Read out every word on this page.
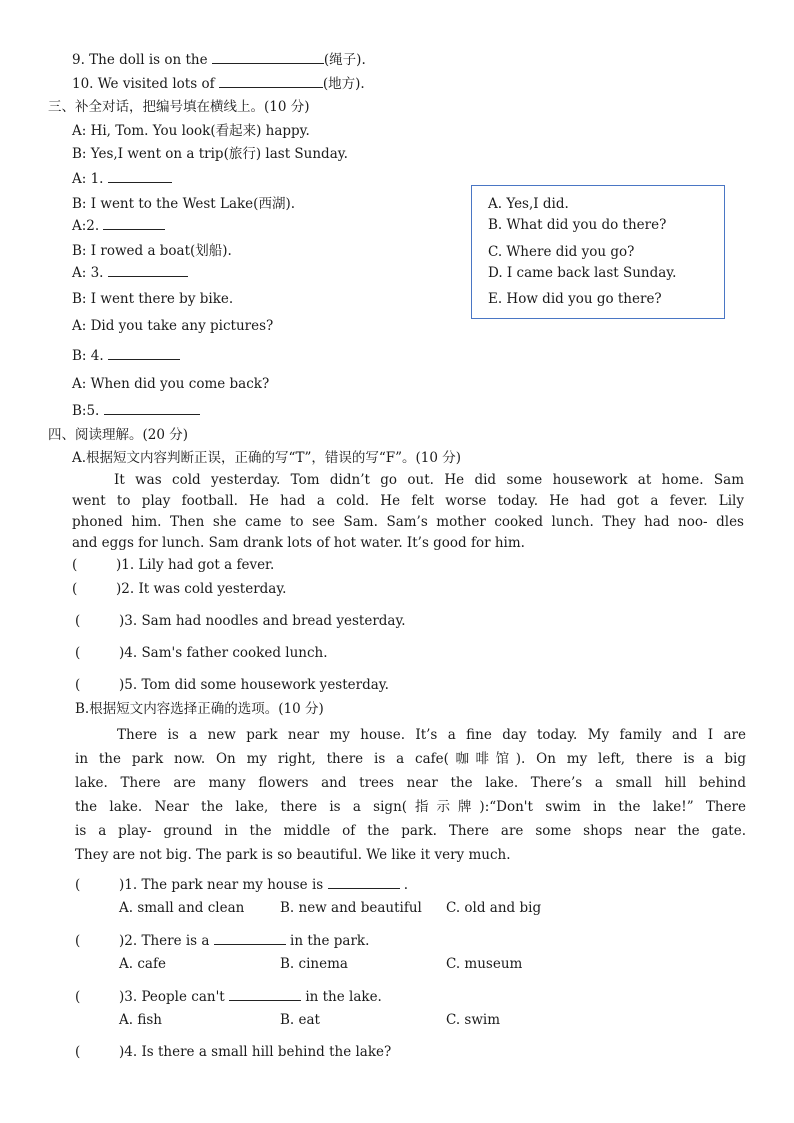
9. The doll is on the	(绳子).
10. We visited lots of	(地方).
三、补全对话，把编号填在横线上。(10 分)
A: Hi, Tom. You look(看起来) happy.
B: Yes,I went on a trip(旅行) last Sunday.
A: 1.
B: I went to the West Lake(西湖).
A:2.
B: I rowed a boat(划船).
A: 3.
B: I went there by bike.
A: Did you take any pictures?
B: 4.
A: When did you come back?
B:5.
A. Yes,I did.
B. What did you do there?
C. Where did you go?
D. I came back last Sunday.
E. How did you go there?
四、阅读理解。(20 分)
A.根据短文内容判断正误，正确的写“T”，错误的写“F”。(10 分)
It was cold yesterday. Tom didn’t go out. He did some housework at home. Sam
went to play football. He had a cold. He felt worse today. He had got a fever. Lily
phoned him. Then she came to see Sam. Sam’s mother cooked lunch. They had noo- dles
and eggs for lunch. Sam drank lots of hot water. It’s good for him.
(	)1. Lily had got a fever.
(	)2. It was cold yesterday.
(	)3. Sam had noodles and bread yesterday.
(	)4. Sam's father cooked lunch.
(	)5. Tom did some housework yesterday.
B.根据短文内容选择正确的选项。(10 分)
There is a new park near my house. It’s a fine day today. My family and I are
in the park now. On my right, there is a cafe(咖啡馆). On my left, there is a big
lake. There are many flowers and trees near the lake. There’s a small hill behind
the lake. Near the lake, there is a sign(指示牌):“Don't swim in the lake!” There
is a play- ground in the middle of the park. There are some shops near the gate.
They are not big. The park is so beautiful. We like it very much.
(	)1. The park near my house is	.
A. small and clean	B. new and beautiful C. old and big
(	)2. There is a	in the park.
A. cafe	B. cinema	C. museum
(	)3. People can't	in the lake.
A. fish	B. eat	C. swim
(	)4. Is there a small hill behind the lake?
